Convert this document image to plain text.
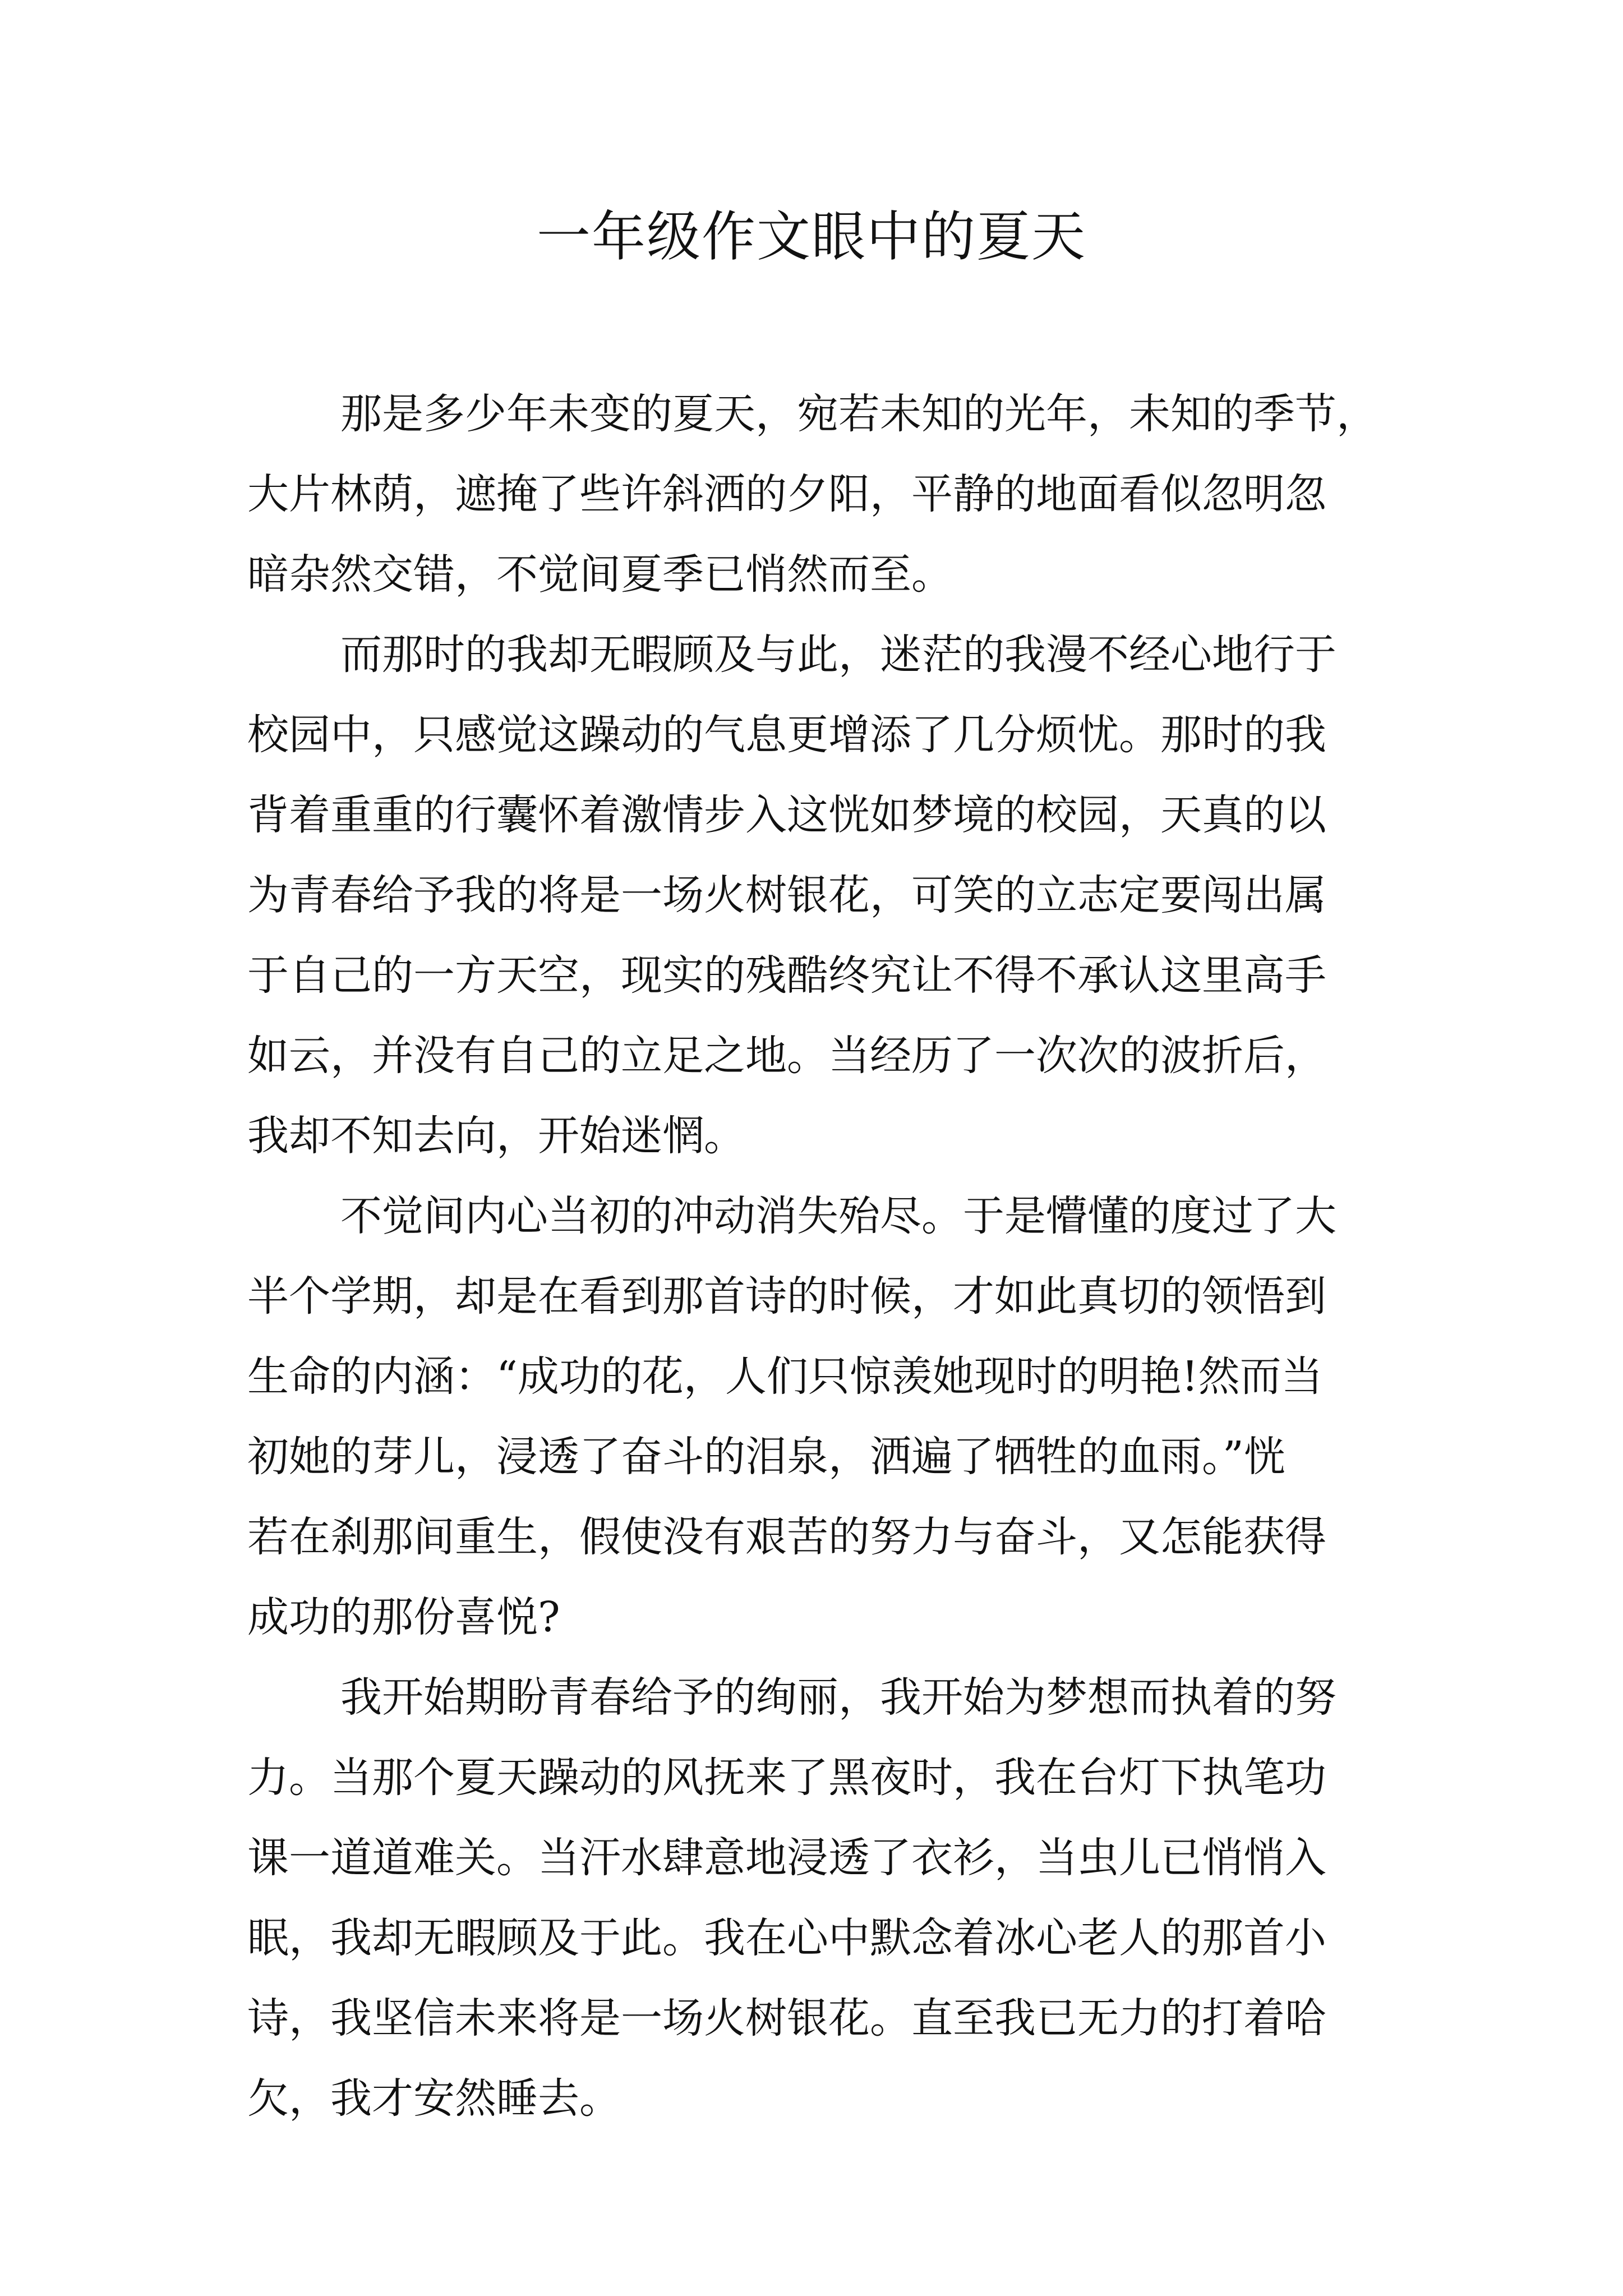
一年级作文眼中的夏天

那是多少年未变的夏天，宛若未知的光年，未知的季节，
大片林荫，遮掩了些许斜洒的夕阳，平静的地面看似忽明忽
暗杂然交错，不觉间夏季已悄然而至。

而那时的我却无暇顾及与此，迷茫的我漫不经心地行于
校园中，只感觉这躁动的气息更增添了几分烦忧。那时的我
背着重重的行囊怀着激情步入这恍如梦境的校园，天真的以
为青春给予我的将是一场火树银花，可笑的立志定要闯出属
于自己的一方天空，现实的残酷终究让不得不承认这里高手
如云，并没有自己的立足之地。当经历了一次次的波折后，
我却不知去向，开始迷惘。

不觉间内心当初的冲动消失殆尽。于是懵懂的度过了大
半个学期，却是在看到那首诗的时候，才如此真切的领悟到
生命的内涵：“成功的花，人们只惊羡她现时的明艳!然而当
初她的芽儿，浸透了奋斗的泪泉，洒遍了牺牲的血雨。”恍
若在刹那间重生，假使没有艰苦的努力与奋斗，又怎能获得
成功的那份喜悦?

我开始期盼青春给予的绚丽，我开始为梦想而执着的努
力。当那个夏天躁动的风抚来了黑夜时，我在台灯下执笔功
课一道道难关。当汗水肆意地浸透了衣衫，当虫儿已悄悄入
眠，我却无暇顾及于此。我在心中默念着冰心老人的那首小
诗，我坚信未来将是一场火树银花。直至我已无力的打着哈
欠，我才安然睡去。
